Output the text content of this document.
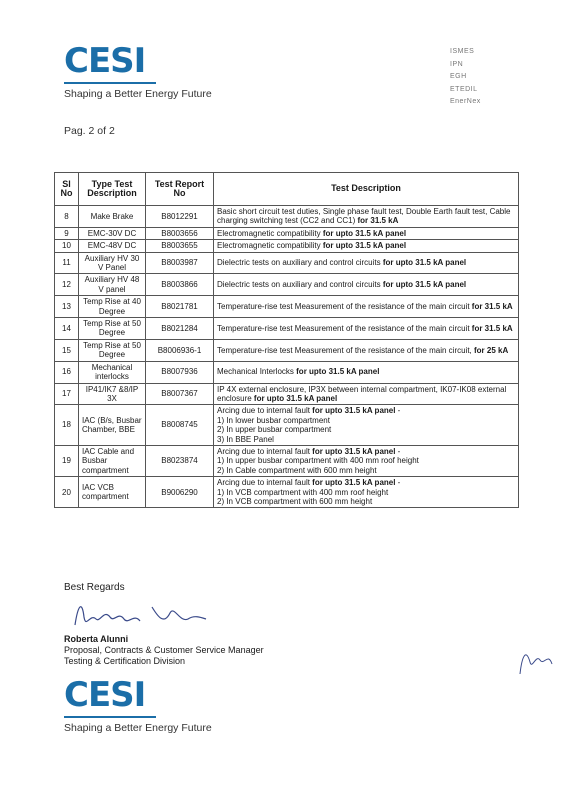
CESI
Shaping a Better Energy Future
ISMES
IPN
EGH
ETEDIL
EnerNex
Pag. 2 of 2
Sl No	Type Test Description	Test Report No	Test Description
8	Make Brake	B8012291	Basic short circuit test duties, Single phase fault test, Double Earth fault test, Cable charging switching test (CC2 and CC1) for 31.5 kA
9	EMC-30V DC	B8003656	Electromagnetic compatibility for upto 31.5 kA panel
10	EMC-48V DC	B8003655	Electromagnetic compatibility for upto 31.5 kA panel
11	Auxiliary HV 30 V Panel	B8003987	Dielectric tests on auxiliary and control circuits for upto 31.5 kA panel
12	Auxiliary HV 48 V panel	B8003866	Dielectric tests on auxiliary and control circuits for upto 31.5 kA panel
13	Temp Rise at 40 Degree	B8021781	Temperature-rise test Measurement of the resistance of the main circuit for 31.5 kA
14	Temp Rise at 50 Degree	B8021284	Temperature-rise test Measurement of the resistance of the main circuit for 31.5 kA
15	Temp Rise at 50 Degree	B8006936-1	Temperature-rise test Measurement of the resistance of the main circuit, for 25 kA
16	Mechanical interlocks	B8007936	Mechanical Interlocks for upto 31.5 kA panel
17	IP41/IK7 &8/IP 3X	B8007367	IP 4X external enclosure, IP3X between internal compartment, IK07-IK08 external enclosure for upto 31.5 kA panel
18	IAC (B/s, Busbar Chamber, BBE	B8008745	Arcing due to internal fault for upto 31.5 kA panel -
1) In lower busbar compartment
2) In upper busbar compartment
3) In BBE Panel

19	IAC Cable and Busbar compartment	B8023874	Arcing due to internal fault for upto 31.5 kA panel -
1) In upper busbar compartment with 400 mm roof height
2) In Cable compartment with 600 mm height

20	IAC VCB compartment	B9006290	Arcing due to internal fault for upto 31.5 kA panel -
1) In VCB compartment with 400 mm roof height
2) In VCB compartment with 600 mm height
Best Regards
Roberta Alunni
Proposal, Contracts & Customer Service Manager
Testing & Certification Division
CESI
Shaping a Better Energy Future
